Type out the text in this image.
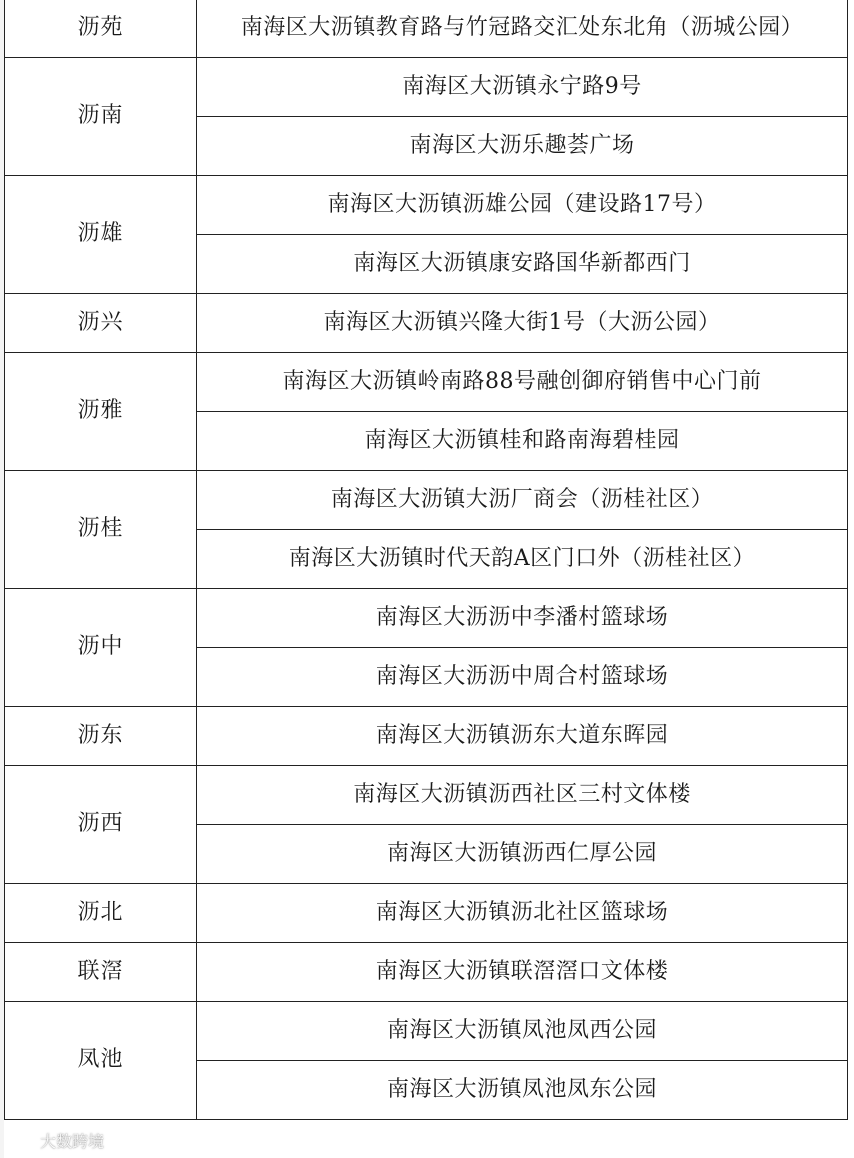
沥苑	南海区大沥镇教育路与竹冠路交汇处东北角（沥城公园）
沥南	南海区大沥镇永宁路9号
	南海区大沥乐趣荟广场
沥雄	南海区大沥镇沥雄公园（建设路17号）
	南海区大沥镇康安路国华新都西门
沥兴	南海区大沥镇兴隆大街1号（大沥公园）
沥雅	南海区大沥镇岭南路88号融创御府销售中心门前
	南海区大沥镇桂和路南海碧桂园
沥桂	南海区大沥镇大沥厂商会（沥桂社区）
	南海区大沥镇时代天韵A区门口外（沥桂社区）
沥中	南海区大沥沥中李潘村篮球场
	南海区大沥沥中周合村篮球场
沥东	南海区大沥镇沥东大道东晖园
沥西	南海区大沥镇沥西社区三村文体楼
	南海区大沥镇沥西仁厚公园
沥北	南海区大沥镇沥北社区篮球场
联滘	南海区大沥镇联滘滘口文体楼
凤池	南海区大沥镇凤池凤西公园
	南海区大沥镇凤池凤东公园
大数跨境
